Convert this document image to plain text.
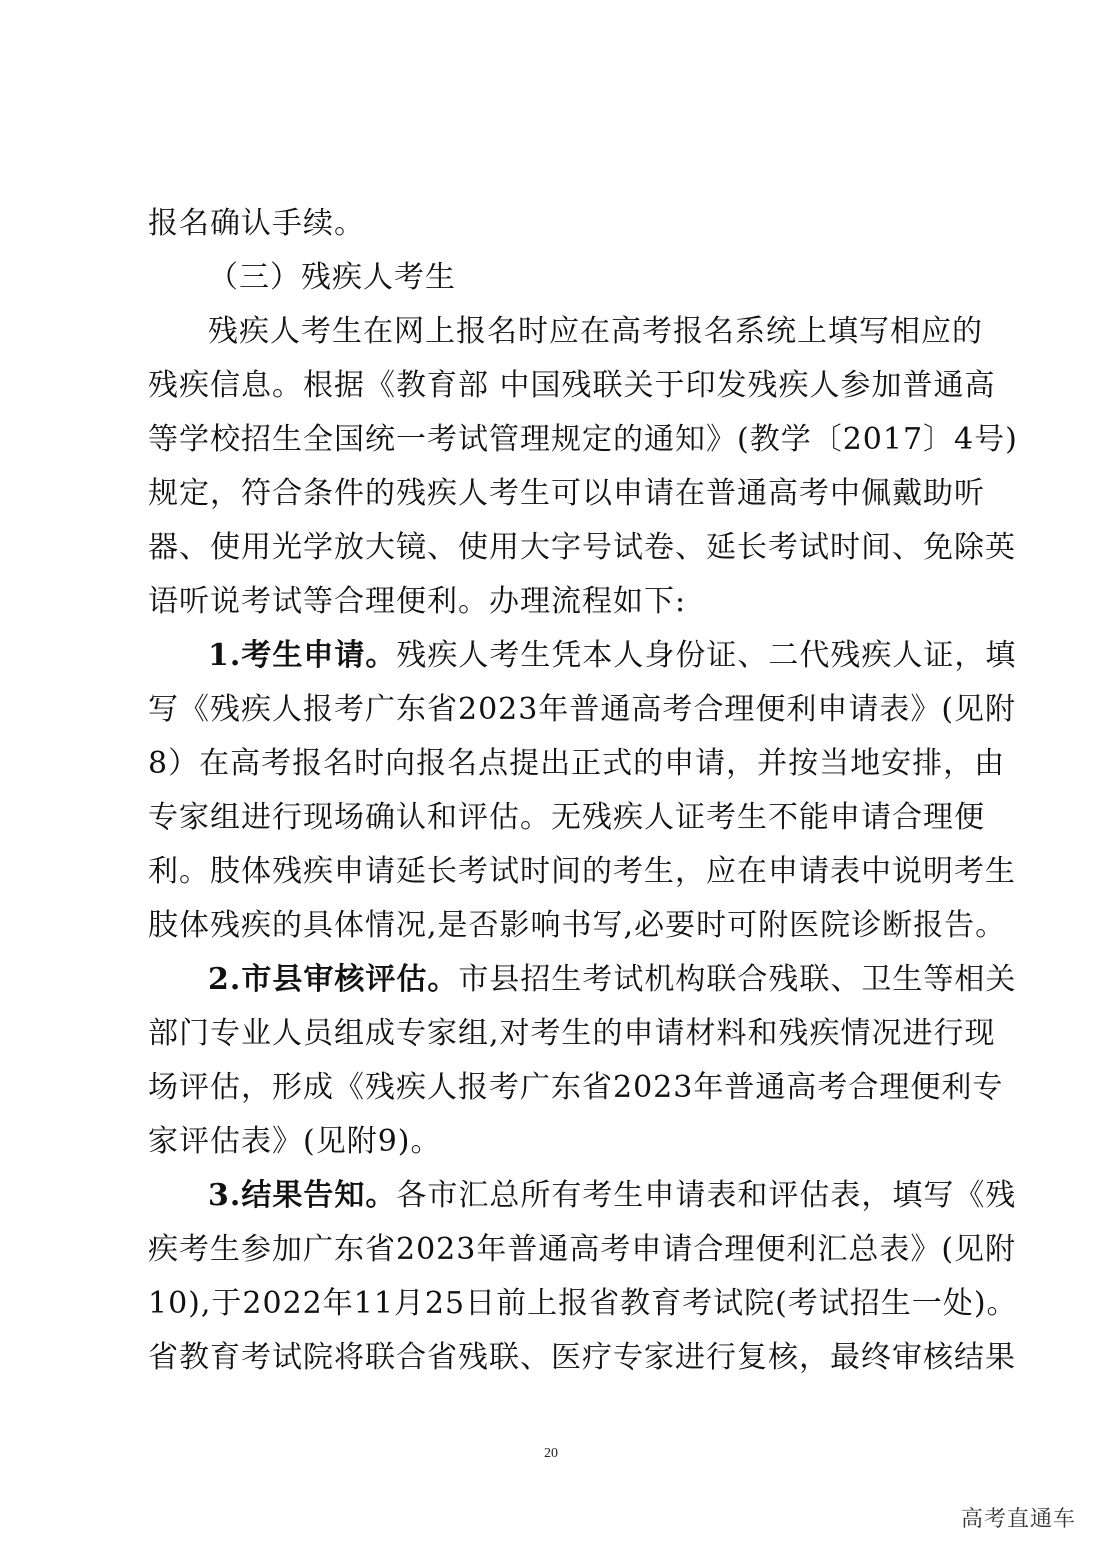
报名确认手续。
（三）残疾人考生
残疾人考生在网上报名时应在高考报名系统上填写相应的
残疾信息。根据《教育部 中国残联关于印发残疾人参加普通高
等学校招生全国统一考试管理规定的通知》(教学〔2017〕4号)
规定，符合条件的残疾人考生可以申请在普通高考中佩戴助听
器、使用光学放大镜、使用大字号试卷、延长考试时间、免除英
语听说考试等合理便利。办理流程如下:
1.考生申请。残疾人考生凭本人身份证、二代残疾人证，填
写《残疾人报考广东省2023年普通高考合理便利申请表》(见附
8）在高考报名时向报名点提出正式的申请，并按当地安排，由
专家组进行现场确认和评估。无残疾人证考生不能申请合理便
利。肢体残疾申请延长考试时间的考生，应在申请表中说明考生
肢体残疾的具体情况,是否影响书写,必要时可附医院诊断报告。
2.市县审核评估。市县招生考试机构联合残联、卫生等相关
部门专业人员组成专家组,对考生的申请材料和残疾情况进行现
场评估，形成《残疾人报考广东省2023年普通高考合理便利专
家评估表》(见附9)。
3.结果告知。各市汇总所有考生申请表和评估表，填写《残
疾考生参加广东省2023年普通高考申请合理便利汇总表》(见附
10),于2022年11月25日前上报省教育考试院(考试招生一处)。
省教育考试院将联合省残联、医疗专家进行复核，最终审核结果
20
高考直通车
